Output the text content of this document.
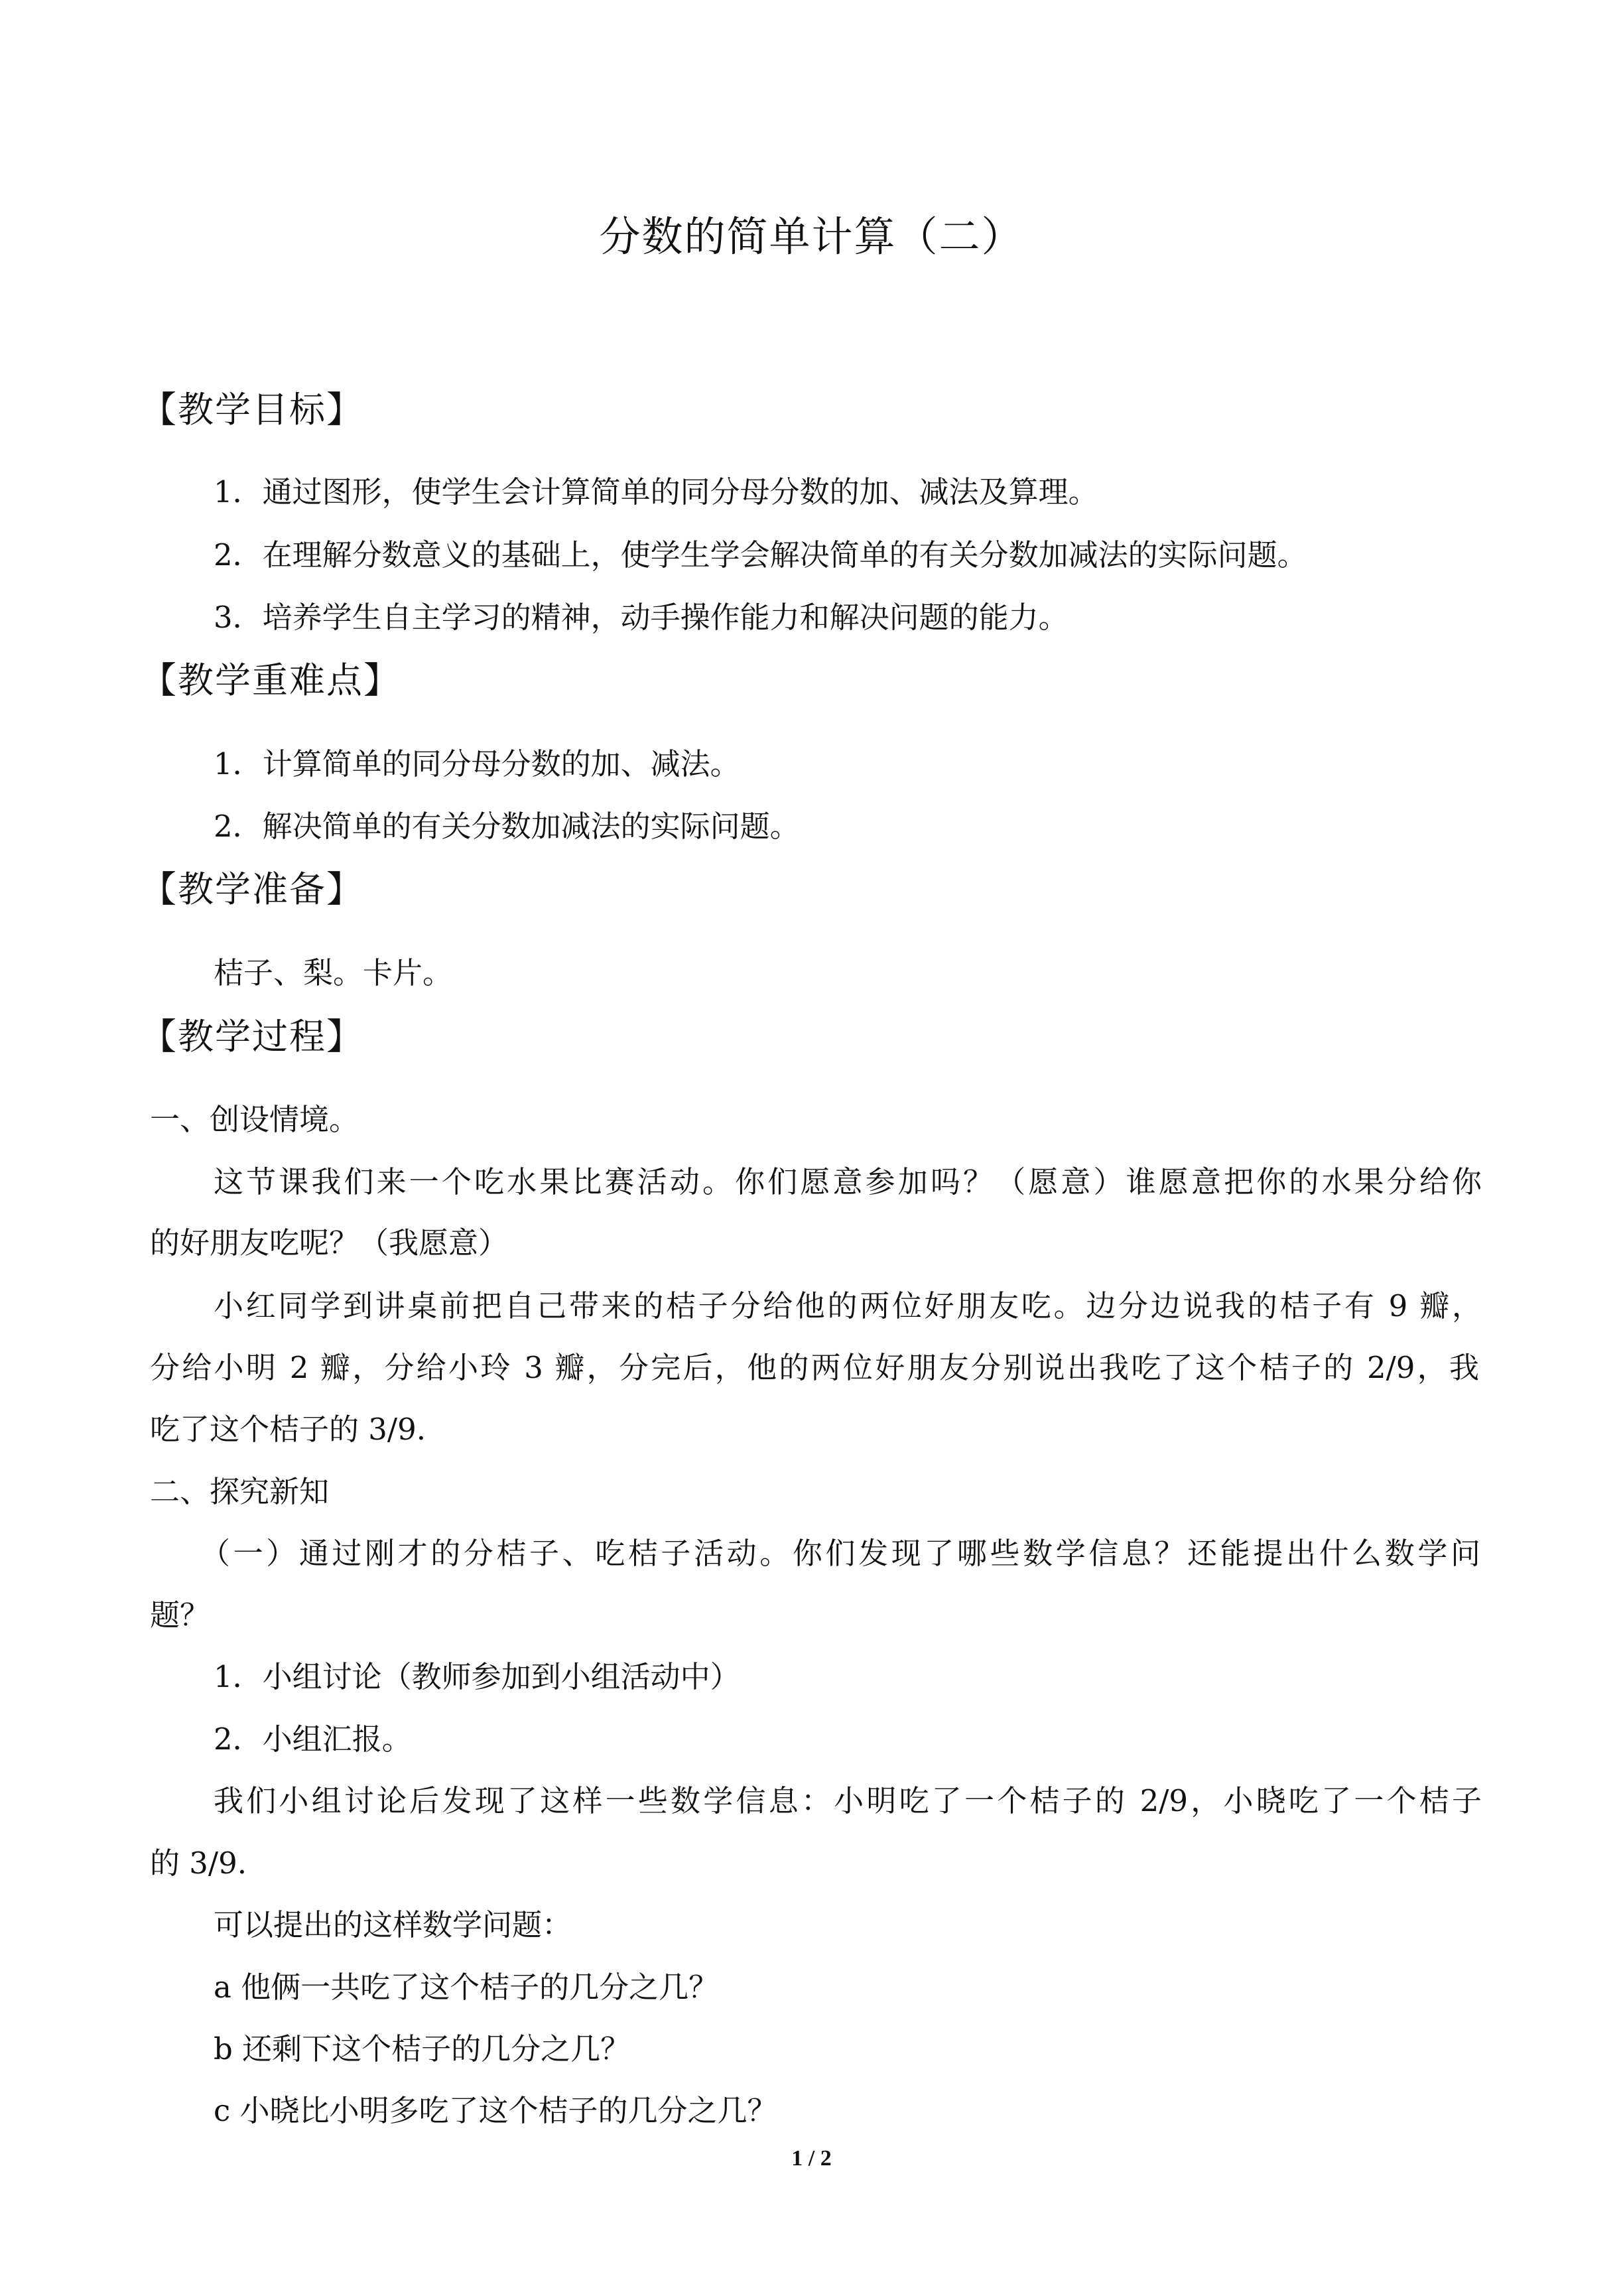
分数的简单计算（二）
【教学目标】
1．通过图形，使学生会计算简单的同分母分数的加、减法及算理。
2．在理解分数意义的基础上，使学生学会解决简单的有关分数加减法的实际问题。
3．培养学生自主学习的精神，动手操作能力和解决问题的能力。
【教学重难点】
1．计算简单的同分母分数的加、减法。
2．解决简单的有关分数加减法的实际问题。
【教学准备】
桔子、梨。卡片。
【教学过程】
一、创设情境。
这节课我们来一个吃水果比赛活动。你们愿意参加吗？（愿意）谁愿意把你的水果分给你
的好朋友吃呢？（我愿意）
小红同学到讲桌前把自己带来的桔子分给他的两位好朋友吃。边分边说我的桔子有 9 瓣，
分给小明 2 瓣，分给小玲 3 瓣，分完后，他的两位好朋友分别说出我吃了这个桔子的 2/9，我
吃了这个桔子的 3/9.
二、探究新知
（一）通过刚才的分桔子、吃桔子活动。你们发现了哪些数学信息？还能提出什么数学问
题？
1．小组讨论（教师参加到小组活动中）
2．小组汇报。
我们小组讨论后发现了这样一些数学信息：小明吃了一个桔子的 2/9，小晓吃了一个桔子
的 3/9.
可以提出的这样数学问题：
a 他俩一共吃了这个桔子的几分之几？
b 还剩下这个桔子的几分之几？
c 小晓比小明多吃了这个桔子的几分之几？
1 / 2
